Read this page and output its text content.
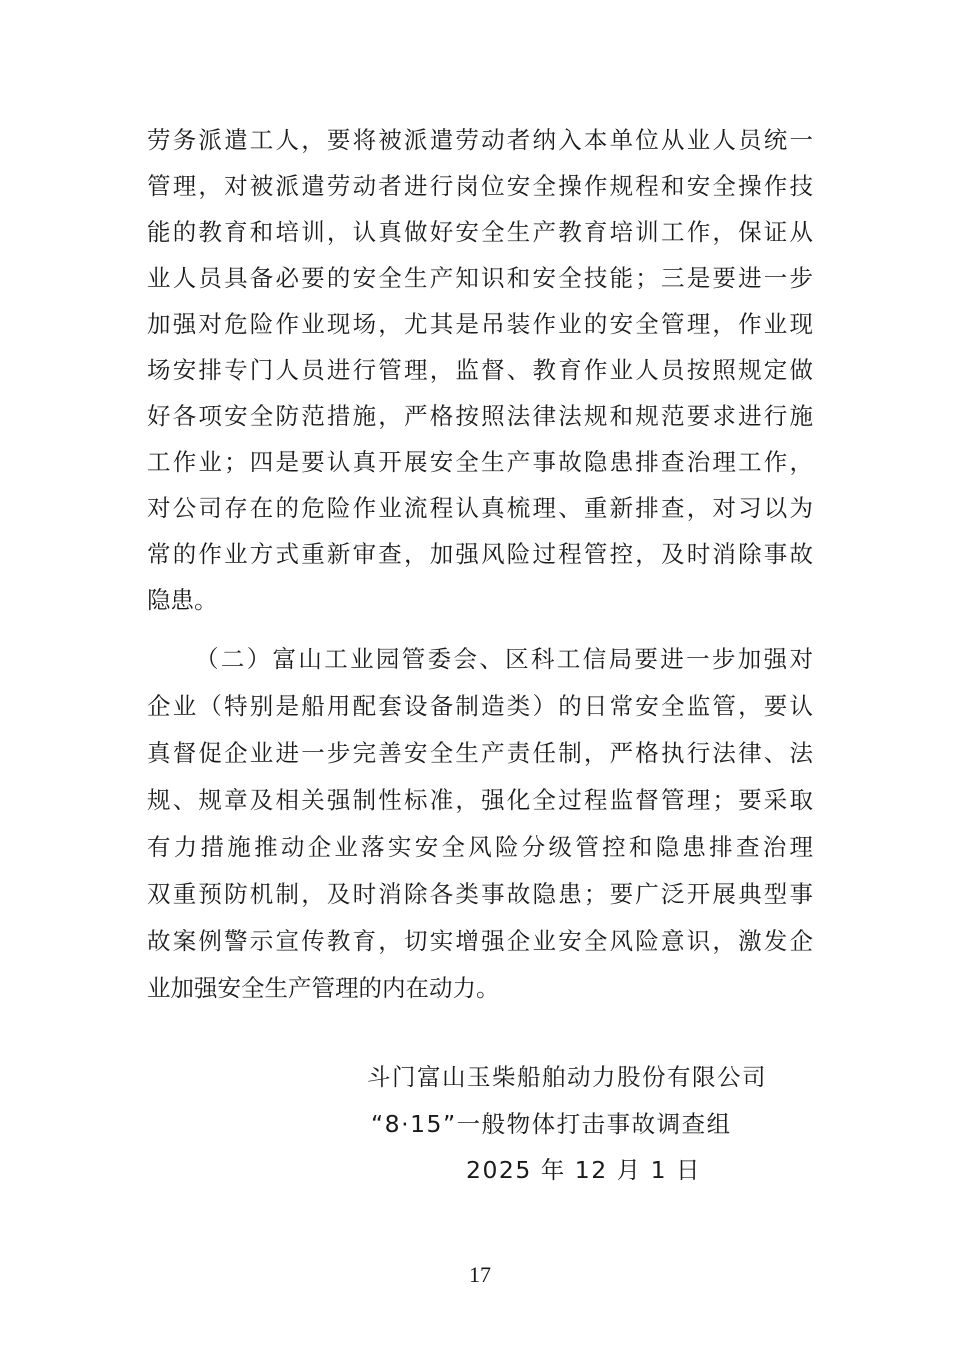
劳务派遣工人，要将被派遣劳动者纳入本单位从业人员统一
管理，对被派遣劳动者进行岗位安全操作规程和安全操作技
能的教育和培训，认真做好安全生产教育培训工作，保证从
业人员具备必要的安全生产知识和安全技能；三是要进一步
加强对危险作业现场，尤其是吊装作业的安全管理，作业现
场安排专门人员进行管理，监督、教育作业人员按照规定做
好各项安全防范措施，严格按照法律法规和规范要求进行施
工作业；四是要认真开展安全生产事故隐患排查治理工作，
对公司存在的危险作业流程认真梳理、重新排查，对习以为
常的作业方式重新审查，加强风险过程管控，及时消除事故
隐患。
（二）富山工业园管委会、区科工信局要进一步加强对
企业（特别是船用配套设备制造类）的日常安全监管，要认
真督促企业进一步完善安全生产责任制，严格执行法律、法
规、规章及相关强制性标准，强化全过程监督管理；要采取
有力措施推动企业落实安全风险分级管控和隐患排查治理
双重预防机制，及时消除各类事故隐患；要广泛开展典型事
故案例警示宣传教育，切实增强企业安全风险意识，激发企
业加强安全生产管理的内在动力。
斗门富山玉柴船舶动力股份有限公司
“8·15”一般物体打击事故调查组
2025 年 12 月 1 日
17
